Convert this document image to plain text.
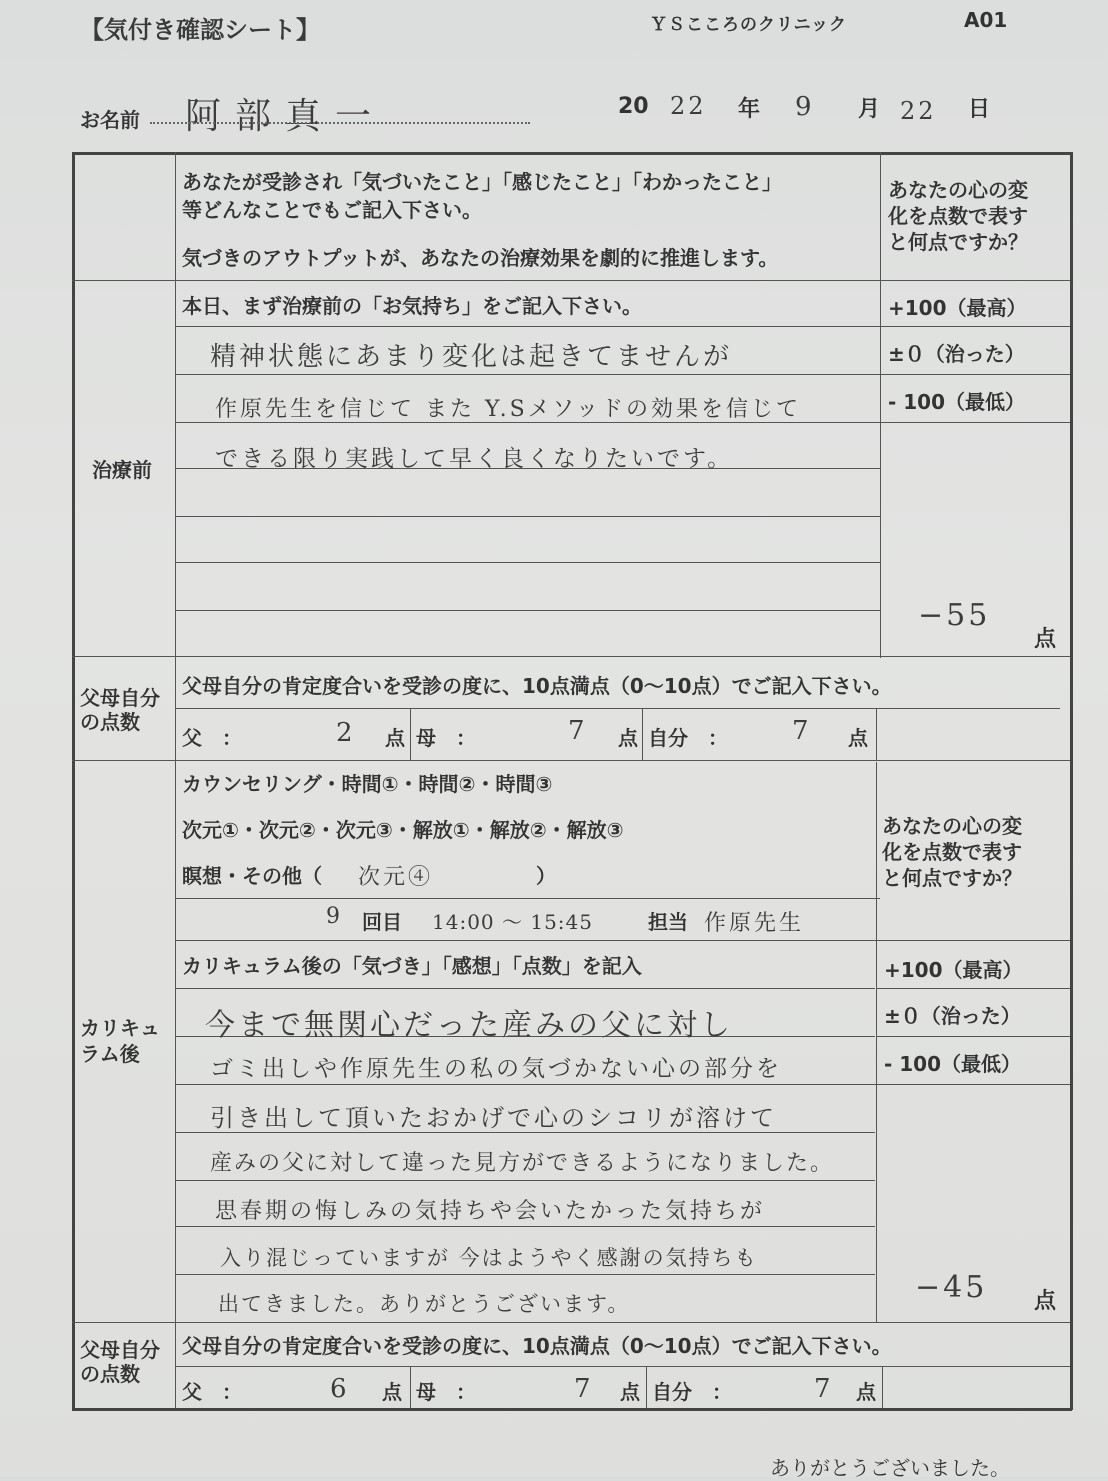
【気付き確認シート】	ＹＳこころのクリニック	A01
お名前 阿部真一	20 22 年 9 月 22 日
あなたが受診され「気づいたこと」「感じたこと」「わかったこと」
等どんなことでもご記入下さい。
気づきのアウトプットが、あなたの治療効果を劇的に推進します。
あなたの心の変
化を点数で表す
と何点ですか？
治療前
本日、まず治療前の「お気持ち」をご記入下さい。	+100（最高）
±０（治った）
- 100（最低）
精神状態にあまり変化は起きてませんが
作原先生を信じて また Y.Sメソッドの効果を信じて
できる限り実践して早く良くなりたいです。
−55
点
父母自分
の点数
父母自分の肯定度合いを受診の度に、10点満点（0〜10点）でご記入下さい。
父　：	2 点 母　：	7 点 自分　： 7 点
カウンセリング・時間①・時間②・時間③
次元①・次元②・次元③・解放①・解放②・解放③
瞑想・その他（ 次元④	）
9 回目 14:00 〜 15:45	担当 作原先生
あなたの心の変
化を点数で表す
と何点ですか？
カリキュ
ラム後
カリキュラム後の「気づき」「感想」「点数」を記入	+100（最高）
±０（治った）
- 100（最低）
今まで無関心だった産みの父に対し
ゴミ出しや作原先生の私の気づかない心の部分を
引き出して頂いたおかげで心のシコリが溶けて
産みの父に対して違った見方ができるようになりました。
思春期の悔しみの気持ちや会いたかった気持ちが
入り混じっていますが 今はようやく感謝の気持ちも
出てきました。ありがとうございます。	−45 点
父母自分
の点数
父母自分の肯定度合いを受診の度に、10点満点（0〜10点）でご記入下さい。
父　：	6 点 母　：	7 点 自分　：	7 点
ありがとうございました。
